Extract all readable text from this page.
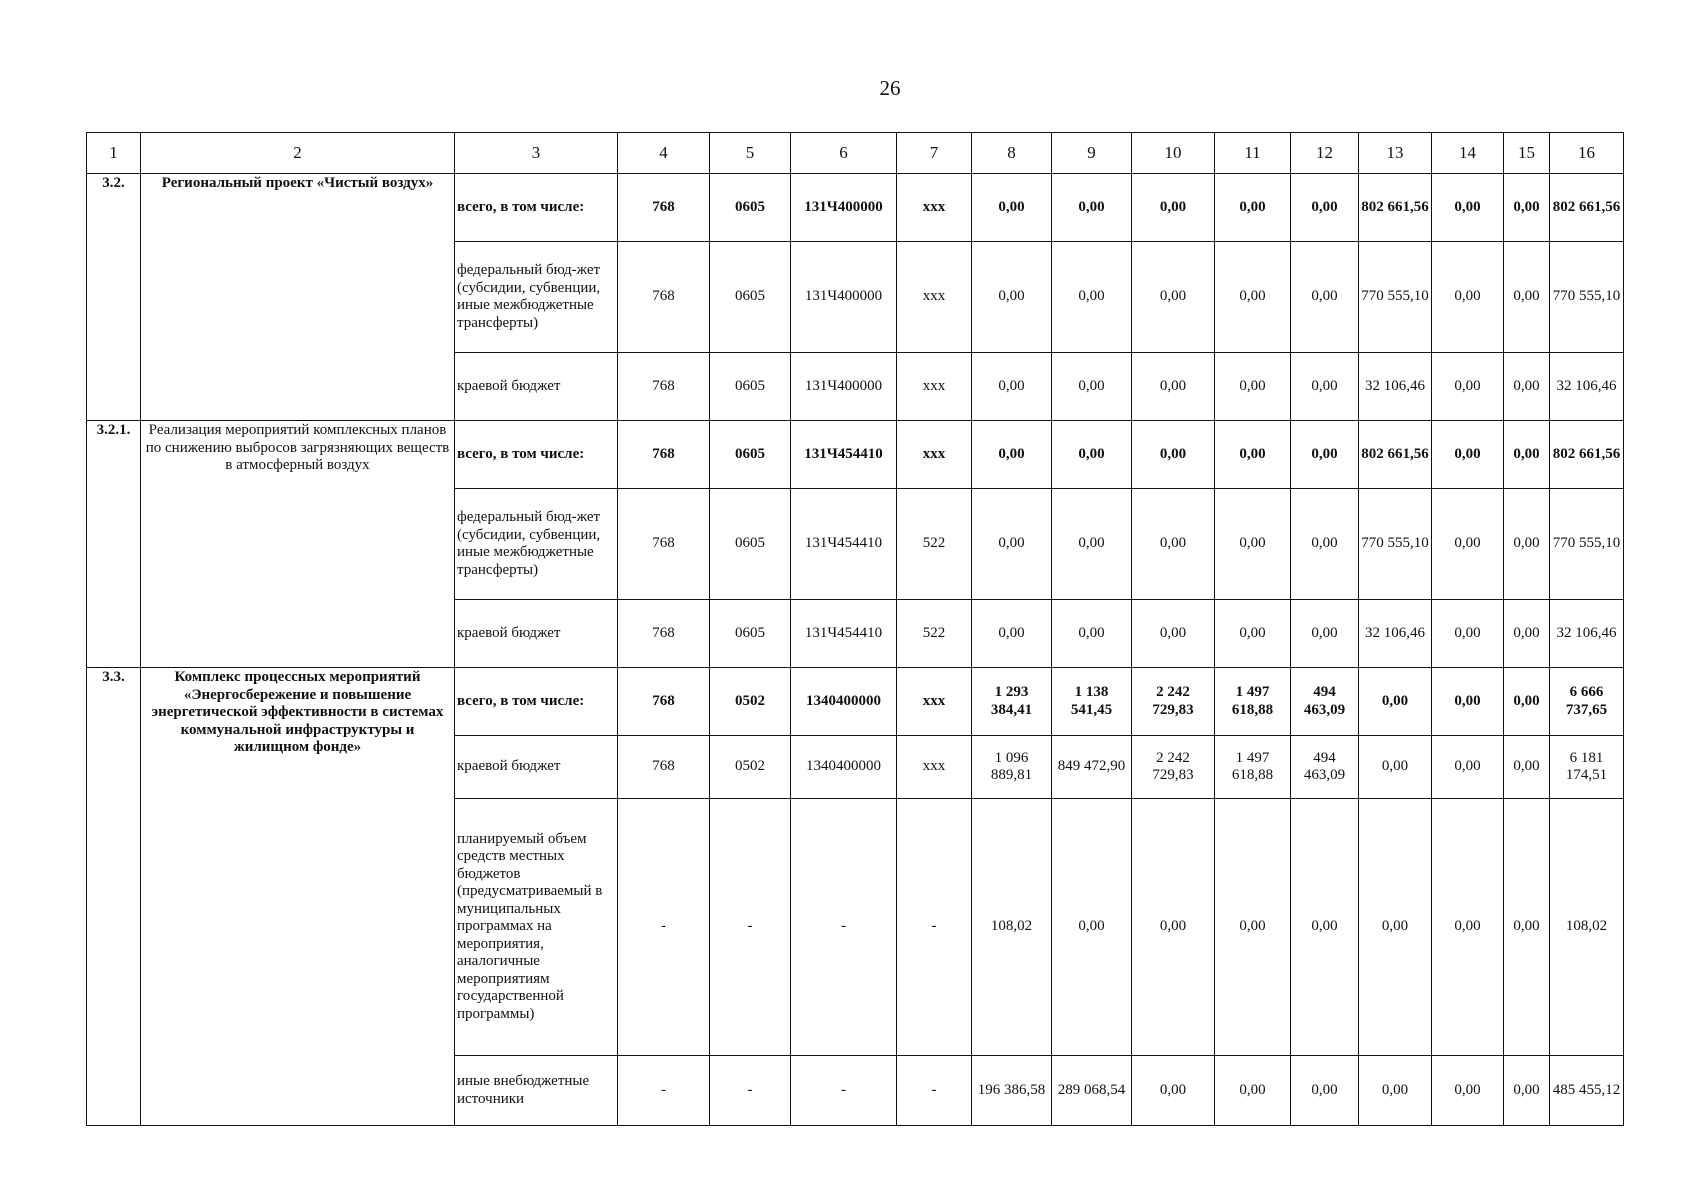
26
1	2	3	4	5	6	7	8	9	10	11	12	13	14	15	16
3.2.	Региональный проект «Чистый воздух»	всего, в том числе:	768	0605	131Ч400000	ххх	0,00	0,00	0,00	0,00	0,00	802 661,56	0,00	0,00	802 661,56
		федеральный бюд-жет (субсидии, субвенции, иные межбюджетные трансферты)	768	0605	131Ч400000	ххх	0,00	0,00	0,00	0,00	0,00	770 555,10	0,00	0,00	770 555,10
		краевой бюджет	768	0605	131Ч400000	ххх	0,00	0,00	0,00	0,00	0,00	32 106,46	0,00	0,00	32 106,46
3.2.1.	Реализация мероприятий комплексных планов по снижению выбросов загрязняющих веществ в атмосферный воздух	всего, в том числе:	768	0605	131Ч454410	ххх	0,00	0,00	0,00	0,00	0,00	802 661,56	0,00	0,00	802 661,56
		федеральный бюд-жет (субсидии, субвенции, иные межбюджетные трансферты)	768	0605	131Ч454410	522	0,00	0,00	0,00	0,00	0,00	770 555,10	0,00	0,00	770 555,10
		краевой бюджет	768	0605	131Ч454410	522	0,00	0,00	0,00	0,00	0,00	32 106,46	0,00	0,00	32 106,46
3.3.	Комплекс процессных мероприятий «Энергосбережение и повышение энергетической эффективности в системах коммунальной инфраструктуры и жилищном фонде»	всего, в том числе:	768	0502	1340400000	ххх	1 293 384,41	1 138 541,45	2 242 729,83	1 497 618,88	494 463,09	0,00	0,00	0,00	6 666 737,65
		краевой бюджет	768	0502	1340400000	ххх	1 096 889,81	849 472,90	2 242 729,83	1 497 618,88	494 463,09	0,00	0,00	0,00	6 181 174,51
		планируемый объем средств местных бюджетов (предусматриваемый в муниципальных программах на мероприятия, аналогичные мероприятиям государственной программы)	-	-	-	-	108,02	0,00	0,00	0,00	0,00	0,00	0,00	0,00	108,02
		иные внебюджетные источники	-	-	-	-	196 386,58	289 068,54	0,00	0,00	0,00	0,00	0,00	0,00	485 455,12
